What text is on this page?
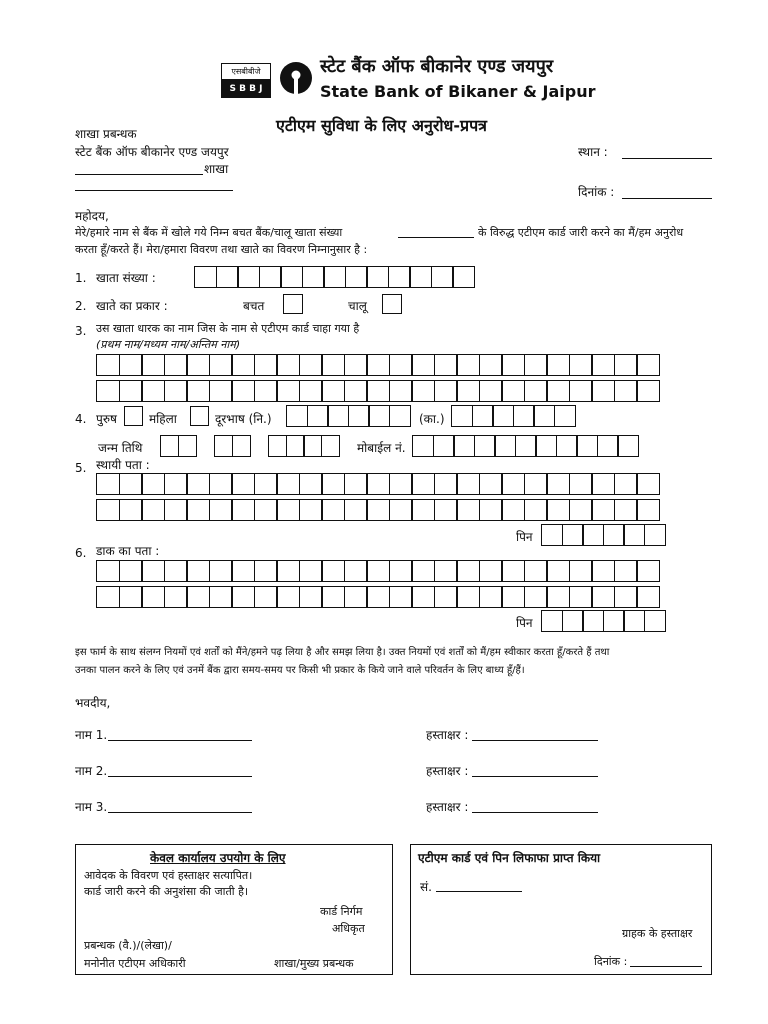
एसबीबीजे
S B B J
स्टेट बैंक ऑफ बीकानेर एण्ड जयपुर
State Bank of Bikaner & Jaipur
शाखा प्रबन्धक
स्टेट बैंक ऑफ बीकानेर एण्ड जयपुर
शाखा
एटीएम सुविधा के लिए अनुरोध-प्रपत्र
स्थान :
दिनांक :
महोदय,
मेरे/हमारे नाम से बैंक में खोले गये निम्न बचत बैंक/चालू खाता संख्या	के विरुद्ध एटीएम कार्ड जारी करने का मैं/हम अनुरोध
करता हूँ/करते हैं। मेरा/हमारा विवरण तथा खाते का विवरण निम्नानुसार है :
1. खाता संख्या :
2. खाते का प्रकार :	बचत	चालू
3. उस खाता धारक का नाम जिस के नाम से एटीएम कार्ड चाहा गया है
(प्रथम नाम/मध्यम नाम/अन्तिम नाम)
4. पुरुष	महिला	दूरभाष (नि.)	(का.)
जन्म तिथि	मोबाईल नं.
5. स्थायी पता :
पिन
6. डाक का पता :
पिन
इस फार्म के साथ संलग्न नियमों एवं शर्तों को मैंने/हमने पढ़ लिया है और समझ लिया है। उक्त नियमों एवं शर्तों को मैं/हम स्वीकार करता हूँ/करते हैं तथा
उनका पालन करने के लिए एवं उनमें बैंक द्वारा समय-समय पर किसी भी प्रकार के किये जाने वाले परिवर्तन के लिए बाध्य हूँ/हैं।
भवदीय,
नाम 1.	हस्ताक्षर :
नाम 2.	हस्ताक्षर :
नाम 3.	हस्ताक्षर :
केवल कार्यालय उपयोग के लिए
आवेदक के विवरण एवं हस्ताक्षर सत्यापित।
कार्ड जारी करने की अनुशंसा की जाती है।
कार्ड निर्गम
अधिकृत
प्रबन्धक (वै.)/(लेखा)/
मनोनीत एटीएम अधिकारी	शाखा/मुख्य प्रबन्धक
एटीएम कार्ड एवं पिन लिफाफा प्राप्त किया
सं.
ग्राहक के हस्ताक्षर
दिनांक :
